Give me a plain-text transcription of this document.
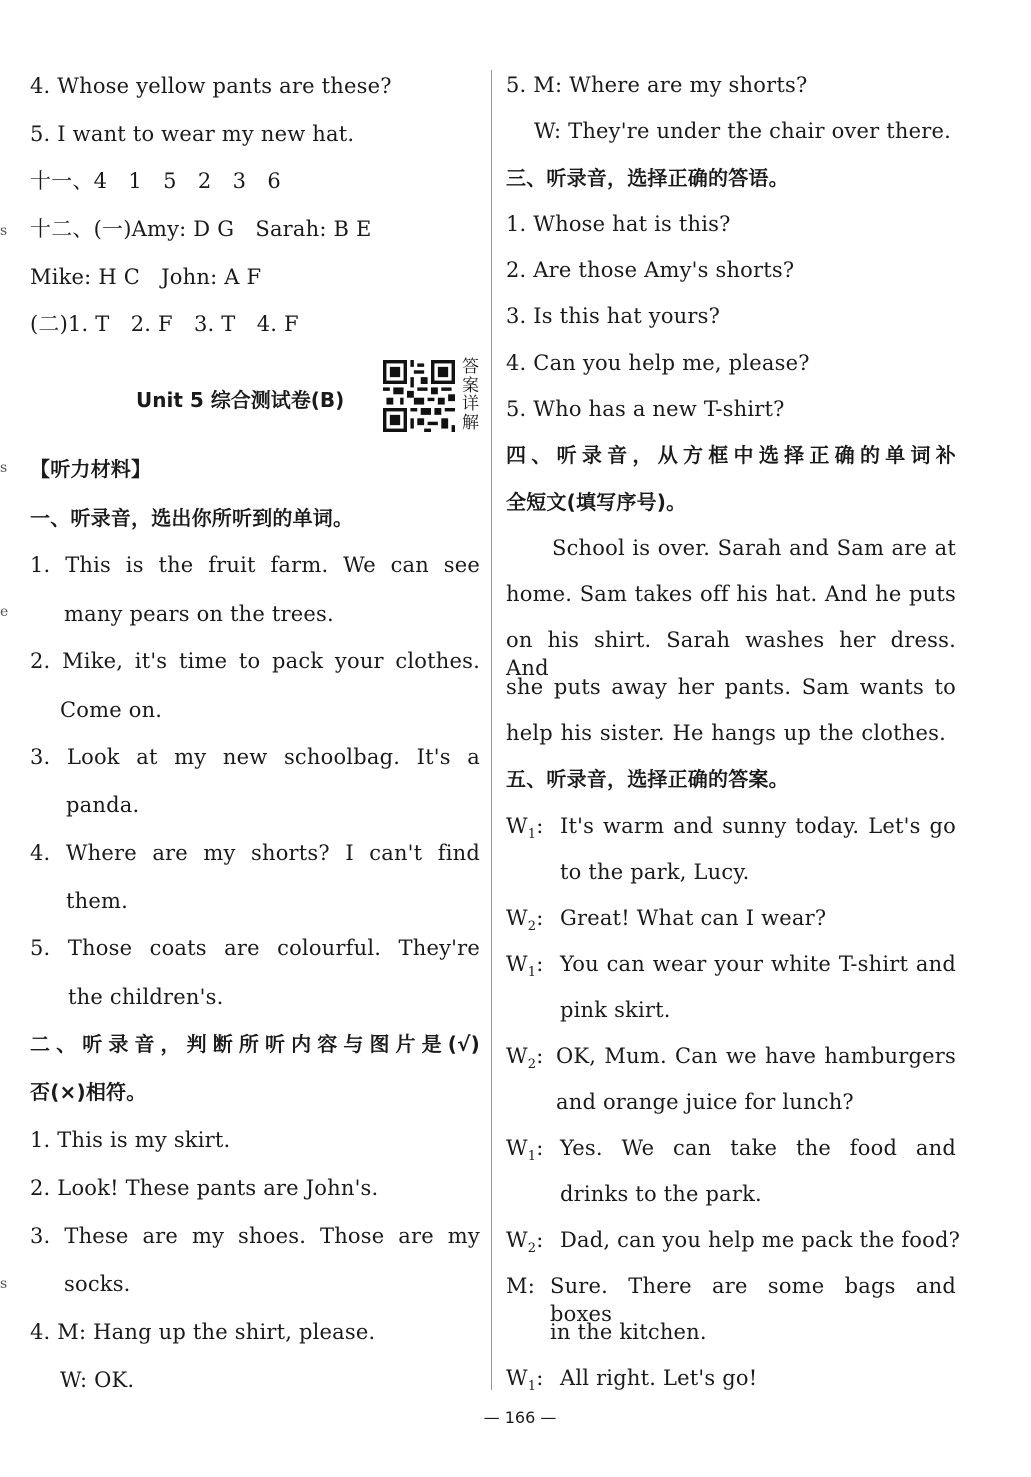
s
s
e
s
4. Whose yellow pants are these?
5. I want to wear my new hat.
十一、4　1　5　2　3　6
十二、(一)Amy: D G　Sarah: B E
Mike: H C　John: A F
(二)1. T　2. F　3. T　4. F
Unit 5 综合测试卷(B)
答案详解
【听力材料】
一、听录音，选出你所听到的单词。
1. This is the fruit farm. We can see
many pears on the trees.
2. Mike, it's time to pack your clothes.
Come on.
3. Look at my new schoolbag. It's a
panda.
4. Where are my shorts? I can't find
them.
5. Those coats are colourful. They're
the children's.
二、听录音，判断所听内容与图片是(√)
否(×)相符。
1. This is my skirt.
2. Look! These pants are John's.
3. These are my shoes. Those are my
socks.
4. M: Hang up the shirt, please.
W: OK.
5. M: Where are my shorts?
W: They're under the chair over there.
三、听录音，选择正确的答语。
1. Whose hat is this?
2. Are those Amy's shorts?
3. Is this hat yours?
4. Can you help me, please?
5. Who has a new T-shirt?
四、听录音，从方框中选择正确的单词补
全短文(填写序号)。
School is over. Sarah and Sam are at
home. Sam takes off his hat. And he puts
on his shirt. Sarah washes her dress. And
she puts away her pants. Sam wants to
help his sister. He hangs up the clothes.
五、听录音，选择正确的答案。
$W_1$: It's warm and sunny today. Let's go
to the park, Lucy.
$W_2$: Great! What can I wear?
$W_1$: You can wear your white T-shirt and
pink skirt.
$W_2$: OK, Mum. Can we have hamburgers
and orange juice for lunch?
$W_1$: Yes. We can take the food and
drinks to the park.
$W_2$: Dad, can you help me pack the food?
M: Sure. There are some bags and boxes
in the kitchen.
$W_1$: All right. Let's go!
— 166 —
